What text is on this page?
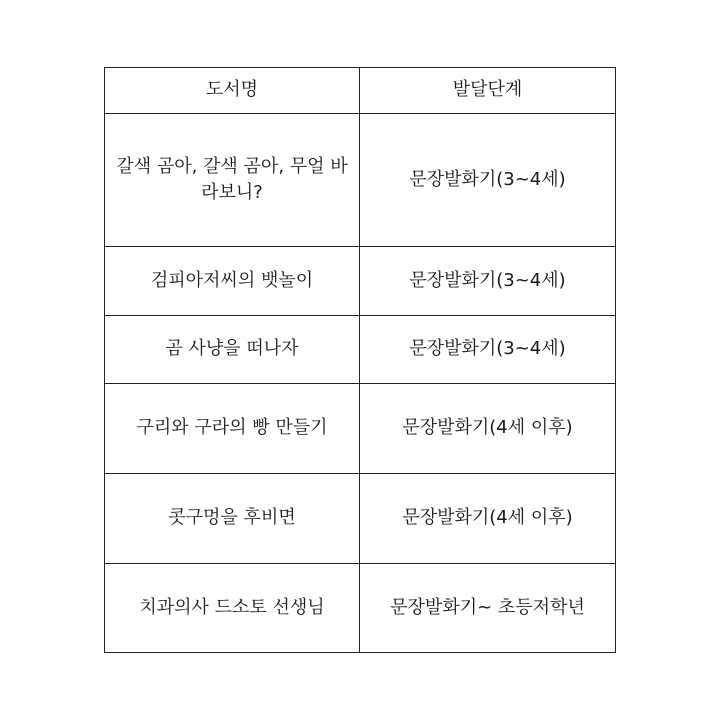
도서명	발달단계
갈색 곰아, 갈색 곰아, 무얼 바라보니?	문장발화기(3~4세)
검피아저씨의 뱃놀이	문장발화기(3~4세)
곰 사냥을 떠나자	문장발화기(3~4세)
구리와 구라의 빵 만들기	문장발화기(4세 이후)
콧구멍을 후비면	문장발화기(4세 이후)
치과의사 드소토 선생님	문장발화기~ 초등저학년
